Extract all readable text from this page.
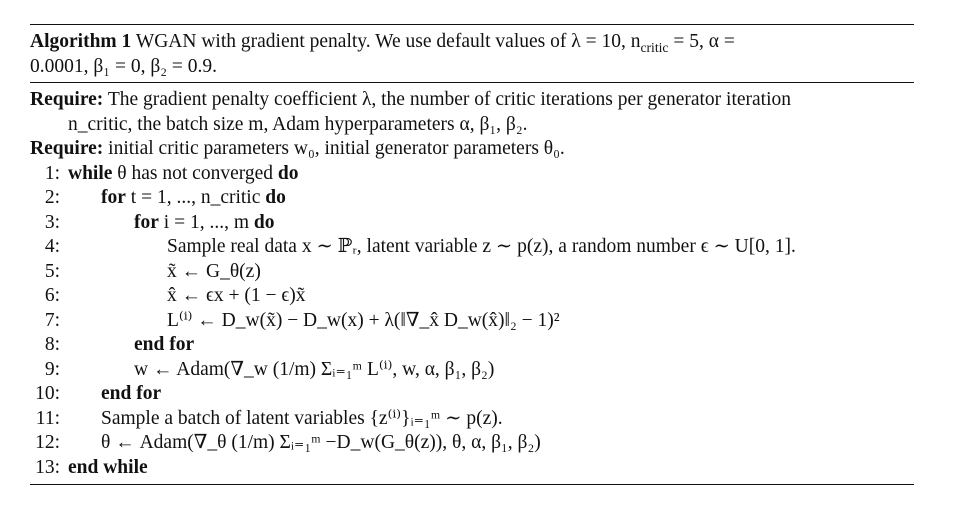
Algorithm 1 WGAN with gradient penalty. We use default values of λ = 10, $n_{critic} = 5$, α =
0.0001, β₁ = 0, β₂ = 0.9.
Require: The gradient penalty coefficient λ, the number of critic iterations per generator iteration
n_critic, the batch size m, Adam hyperparameters α, β₁, β₂.
Require: initial critic parameters w₀, initial generator parameters θ₀.
1: while θ has not converged do
2: for t = 1, ..., n_critic do
3:	for i = 1, ..., m do
4:	Sample real data x ∼ ℙᵣ, latent variable z ∼ p(z), a random number ϵ ∼ U[0, 1].
5:	x̃ ← G_θ(z)
6:	x̂ ← ϵx + (1 − ϵ)x̃
7:	L⁽ⁱ⁾ ← D_w(x̃) − D_w(x) + λ(‖∇_x̂ D_w(x̂)‖₂ − 1)²
8:	end for
9:	w ← Adam(∇_w (1/m) Σᵢ₌₁ᵐ L⁽ⁱ⁾, w, α, β₁, β₂)
10: end for
11: Sample a batch of latent variables {z⁽ⁱ⁾}ᵢ₌₁ᵐ ∼ p(z).
12: θ ← Adam(∇_θ (1/m) Σᵢ₌₁ᵐ −D_w(G_θ(z)), θ, α, β₁, β₂)
13: end while
